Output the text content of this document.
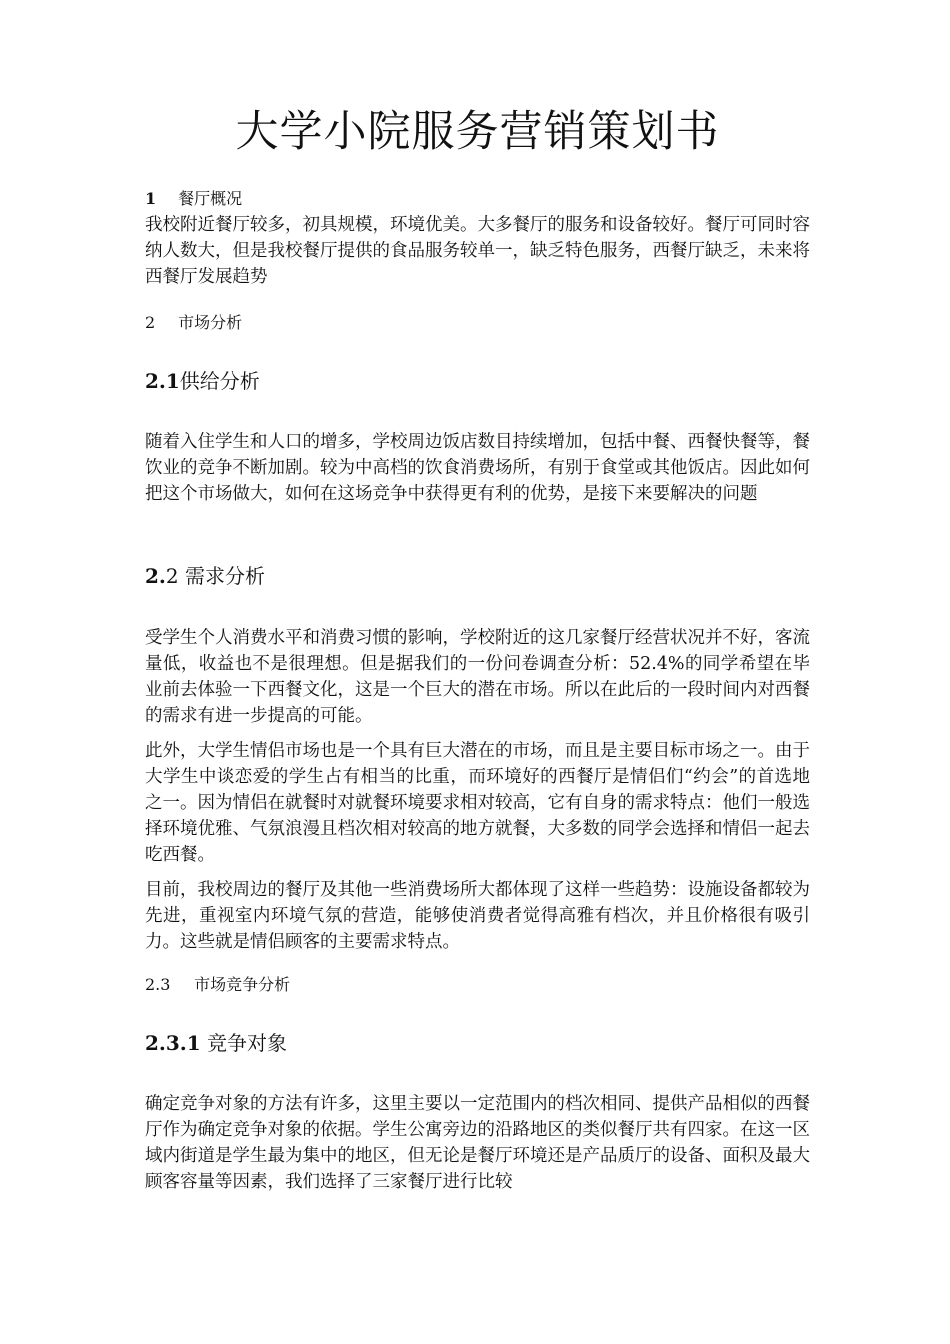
大学小院服务营销策划书
1 餐厅概况

我校附近餐厅较多，初具规模，环境优美。大多餐厅的服务和设备较好。餐厅可同时容纳人数大，但是我校餐厅提供的食品服务较单一，缺乏特色服务，西餐厅缺乏，未来将西餐厅发展趋势

2 市场分析
2.1供给分析

随着入住学生和人口的增多，学校周边饭店数目持续增加，包括中餐、西餐快餐等，餐饮业的竞争不断加剧。较为中高档的饮食消费场所，有别于食堂或其他饭店。因此如何把这个市场做大，如何在这场竞争中获得更有利的优势，是接下来要解决的问题

2.2 需求分析

受学生个人消费水平和消费习惯的影响，学校附近的这几家餐厅经营状况并不好，客流量低，收益也不是很理想。但是据我们的一份问卷调查分析：52.4%的同学希望在毕业前去体验一下西餐文化，这是一个巨大的潜在市场。所以在此后的一段时间内对西餐的需求有进一步提高的可能。

此外，大学生情侣市场也是一个具有巨大潜在的市场，而且是主要目标市场之一。由于大学生中谈恋爱的学生占有相当的比重，而环境好的西餐厅是情侣们“约会”的首选地之一。因为情侣在就餐时对就餐环境要求相对较高，它有自身的需求特点：他们一般选择环境优雅、气氛浪漫且档次相对较高的地方就餐，大多数的同学会选择和情侣一起去吃西餐。

目前，我校周边的餐厅及其他一些消费场所大都体现了这样一些趋势：设施设备都较为先进，重视室内环境气氛的营造，能够使消费者觉得高雅有档次，并且价格很有吸引力。这些就是情侣顾客的主要需求特点。

2.3 市场竞争分析
2.3.1 竞争对象

确定竞争对象的方法有许多，这里主要以一定范围内的档次相同、提供产品相似的西餐厅作为确定竞争对象的依据。学生公寓旁边的沿路地区的类似餐厅共有四家。在这一区域内街道是学生最为集中的地区，但无论是餐厅环境还是产品质厅的设备、面积及最大顾客容量等因素，我们选择了三家餐厅进行比较
